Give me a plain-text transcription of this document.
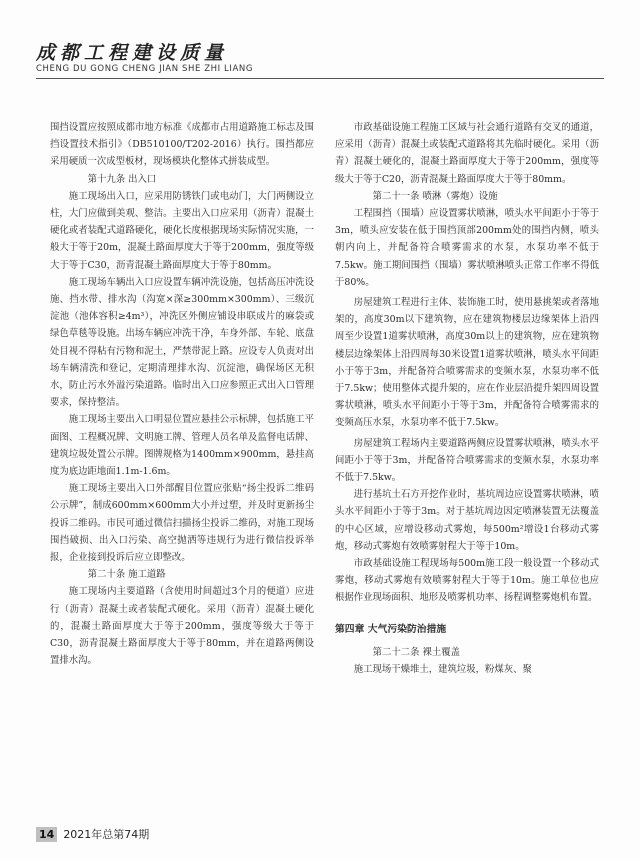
成都工程建设质量
CHENG DU GONG CHENG JIAN SHE ZHI LIANG

围挡设置应按照成都市地方标准《成都市占用道路施工标志及围挡设置技术指引》（DB510100/T202-2016）执行。围挡都应采用硬质一次成型板材，现场模块化整体式拼装成型。

第十九条 出入口

施工现场出入口，应采用防锈铁门或电动门，大门两侧设立柱，大门应做到美观、整洁。主要出入口应采用（沥青）混凝土硬化或者装配式道路硬化，硬化长度根据现场实际情况实施，一般大于等于20m，混凝土路面厚度大于等于200mm，强度等级大于等于C30，沥青混凝土路面厚度大于等于80mm。

施工现场车辆出入口应设置车辆冲洗设施，包括高压冲洗设施、挡水带、排水沟（沟宽×深≥300mm×300mm）、三级沉淀池（池体容积≥4m³），冲洗区外侧应铺设串联成片的麻袋或绿色草毯等设施。出场车辆应冲洗干净，车身外部、车轮、底盘处目视不得粘有污物和泥土，严禁带泥上路。应设专人负责对出场车辆清洗和登记，定期清理排水沟、沉淀池，确保场区无积水，防止污水外溢污染道路。临时出入口应参照正式出入口管理要求，保持整洁。

施工现场主要出入口明显位置应悬挂公示标牌，包括施工平面图、工程概况牌、文明施工牌、管理人员名单及监督电话牌、建筑垃圾处置公示牌。图牌规格为1400mm×900mm，悬挂高度为底边距地面1.1m-1.6m。

施工现场主要出入口外部醒目位置应张贴“扬尘投诉二维码公示牌”，制成600mm×600mm大小并过塑，并及时更新扬尘投诉二维码。市民可通过微信扫描扬尘投诉二维码，对施工现场围挡破损、出入口污染、高空抛洒等违规行为进行微信投诉举报，企业接到投诉后应立即整改。

第二十条 施工道路

施工现场内主要道路（含使用时间超过3个月的便道）应进行（沥青）混凝土或者装配式硬化。采用（沥青）混凝土硬化的，混凝土路面厚度大于等于200mm，强度等级大于等于C30，沥青混凝土路面厚度大于等于80mm，并在道路两侧设置排水沟。

市政基础设施工程施工区域与社会通行道路有交叉的通道，应采用（沥青）混凝土或装配式道路将其先临时硬化。采用（沥青）混凝土硬化的，混凝土路面厚度大于等于200mm，强度等级大于等于C20，沥青混凝土路面厚度大于等于80mm。

第二十一条 喷淋（雾炮）设施

工程围挡（围墙）应设置雾状喷淋，喷头水平间距小于等于3m，喷头应安装在低于围挡顶部200mm处的围挡内侧，喷头朝内向上，并配备符合喷雾需求的水泵，水泵功率不低于7.5kw。施工期间围挡（围墙）雾状喷淋喷头正常工作率不得低于80%。

房屋建筑工程进行主体、装饰施工时，使用悬挑架或者落地架的，高度30m以下建筑物，应在建筑物楼层边缘架体上沿四周至少设置1道雾状喷淋，高度30m以上的建筑物，应在建筑物楼层边缘架体上沿四周每30米设置1道雾状喷淋，喷头水平间距小于等于3m，并配备符合喷雾需求的变频水泵，水泵功率不低于7.5kw；使用整体式提升架的，应在作业层沿提升架四周设置雾状喷淋，喷头水平间距小于等于3m，并配备符合喷雾需求的变频高压水泵，水泵功率不低于7.5kw。

房屋建筑工程场内主要道路两侧应设置雾状喷淋，喷头水平间距小于等于3m，并配备符合喷雾需求的变频水泵，水泵功率不低于7.5kw。

进行基坑土石方开挖作业时，基坑周边应设置雾状喷淋，喷头水平间距小于等于3m。对于基坑周边因定喷淋装置无法覆盖的中心区域，应增设移动式雾炮，每500m²增设1台移动式雾炮，移动式雾炮有效喷雾射程大于等于10m。

市政基础设施工程现场每500m施工段一般设置一个移动式雾炮，移动式雾炮有效喷雾射程大于等于10m。施工单位也应根据作业现场面积、地形及喷雾机功率、扬程调整雾炮机布置。

第四章 大气污染防治措施

第二十二条 裸土覆盖

施工现场干燥堆土，建筑垃圾，粉煤灰、聚

14 2021年总第74期
